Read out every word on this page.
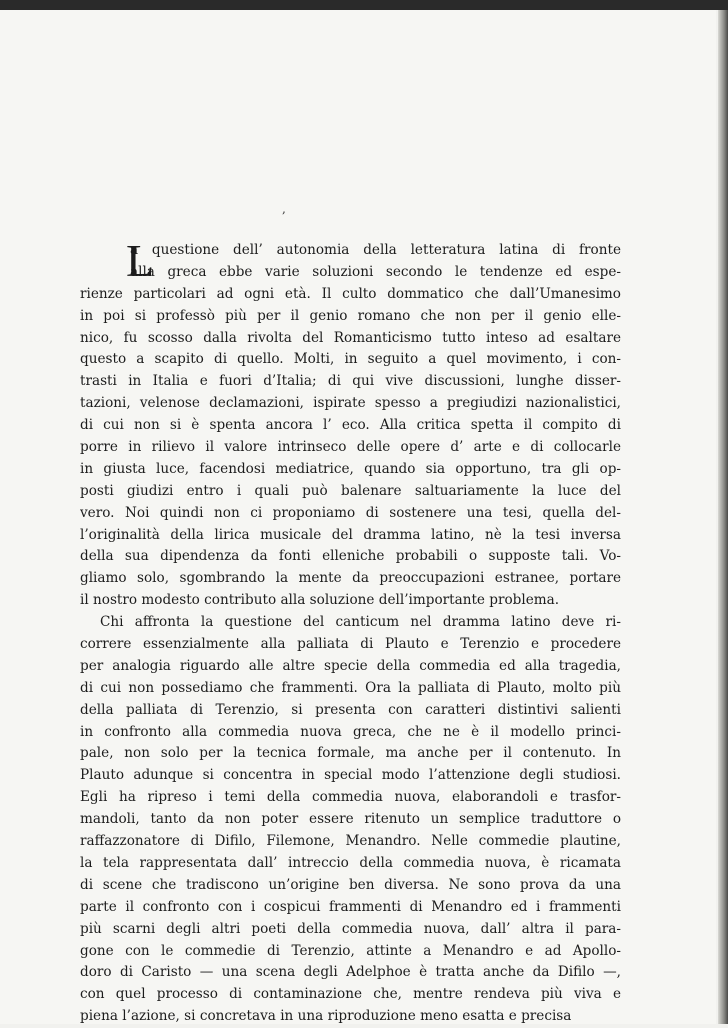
,
L
a questione dell’ autonomia della letteratura latina di fronte
alla greca ebbe varie soluzioni secondo le tendenze ed espe-
rienze particolari ad ogni età. Il culto dommatico che dall’Umanesimo
in poi si professò più per il genio romano che non per il genio elle-
nico, fu scosso dalla rivolta del Romanticismo tutto inteso ad esaltare
questo a scapito di quello. Molti, in seguito a quel movimento, i con-
trasti in Italia e fuori d’Italia; di qui vive discussioni, lunghe disser-
tazioni, velenose declamazioni, ispirate spesso a pregiudizi nazionalistici,
di cui non si è spenta ancora l’ eco. Alla critica spetta il compito di
porre in rilievo il valore intrinseco delle opere d’ arte e di collocarle
in giusta luce, facendosi mediatrice, quando sia opportuno, tra gli op-
posti giudizi entro i quali può balenare saltuariamente la luce del
vero. Noi quindi non ci proponiamo di sostenere una tesi, quella del-
l’originalità della lirica musicale del dramma latino, nè la tesi inversa
della sua dipendenza da fonti elleniche probabili o supposte tali. Vo-
gliamo solo, sgombrando la mente da preoccupazioni estranee, portare
il nostro modesto contributo alla soluzione dell’importante problema.
Chi affronta la questione del canticum nel dramma latino deve ri-
correre essenzialmente alla palliata di Plauto e Terenzio e procedere
per analogia riguardo alle altre specie della commedia ed alla tragedia,
di cui non possediamo che frammenti. Ora la palliata di Plauto, molto più
della palliata di Terenzio, si presenta con caratteri distintivi salienti
in confronto alla commedia nuova greca, che ne è il modello princi-
pale, non solo per la tecnica formale, ma anche per il contenuto. In
Plauto adunque si concentra in special modo l’attenzione degli studiosi.
Egli ha ripreso i temi della commedia nuova, elaborandoli e trasfor-
mandoli, tanto da non poter essere ritenuto un semplice traduttore o
raffazzonatore di Difilo, Filemone, Menandro. Nelle commedie plautine,
la tela rappresentata dall’ intreccio della commedia nuova, è ricamata
di scene che tradiscono un’origine ben diversa. Ne sono prova da una
parte il confronto con i cospicui frammenti di Menandro ed i frammenti
più scarni degli altri poeti della commedia nuova, dall’ altra il para-
gone con le commedie di Terenzio, attinte a Menandro e ad Apollo-
doro di Caristo — una scena degli Adelphoe è tratta anche da Difilo —,
con quel processo di contaminazione che, mentre rendeva più viva e
piena l’azione, si concretava in una riproduzione meno esatta e precisa
